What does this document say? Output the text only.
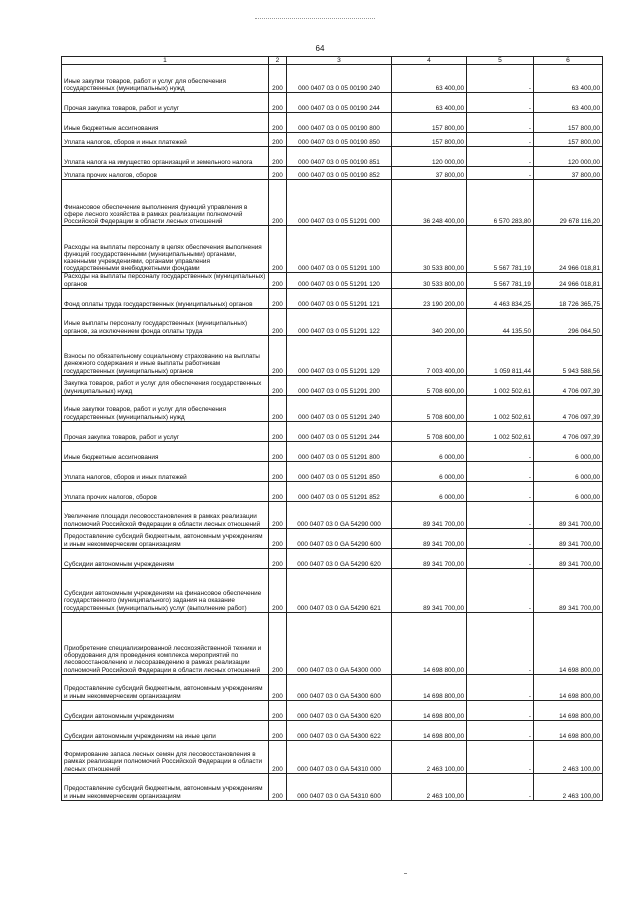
64
1	2	3	4	5	6
Иные закупки товаров, работ и услуг для обеспечения государственных (муниципальных) нужд	200	000 0407 03 0 05 00190 240	63 400,00	-	63 400,00
Прочая закупка товаров, работ и услуг	200	000 0407 03 0 05 00190 244	63 400,00	-	63 400,00
Иные бюджетные ассигнования	200	000 0407 03 0 05 00190 800	157 800,00	-	157 800,00
Уплата налогов, сборов и иных платежей	200	000 0407 03 0 05 00190 850	157 800,00	-	157 800,00
Уплата налога на имущество организаций и земельного налога	200	000 0407 03 0 05 00190 851	120 000,00	-	120 000,00
Уплата прочих налогов, сборов	200	000 0407 03 0 05 00190 852	37 800,00	-	37 800,00
Финансовое обеспечение выполнения функций управления в сфере лесного хозяйства в рамках реализации полномочий Российской Федерации в области лесных отношений	200	000 0407 03 0 05 51291 000	36 248 400,00	6 570 283,80	29 678 116,20
Расходы на выплаты персоналу в целях обеспечения выполнения функций государственными (муниципальными) органами, казенными учреждениями, органами управления государственными внебюджетными фондами	200	000 0407 03 0 05 51291 100	30 533 800,00	5 567 781,19	24 966 018,81
Расходы на выплаты персоналу государственных (муниципальных) органов	200	000 0407 03 0 05 51291 120	30 533 800,00	5 567 781,19	24 966 018,81
Фонд оплаты труда государственных (муниципальных) органов	200	000 0407 03 0 05 51291 121	23 190 200,00	4 463 834,25	18 726 365,75
Иные выплаты персоналу государственных (муниципальных) органов, за исключением фонда оплаты труда	200	000 0407 03 0 05 51291 122	340 200,00	44 135,50	296 064,50
Взносы по обязательному социальному страхованию на выплаты денежного содержания и иные выплаты работникам государственных (муниципальных) органов	200	000 0407 03 0 05 51291 129	7 003 400,00	1 059 811,44	5 943 588,56
Закупка товаров, работ и услуг для обеспечения государственных (муниципальных) нужд	200	000 0407 03 0 05 51291 200	5 708 600,00	1 002 502,61	4 706 097,39
Иные закупки товаров, работ и услуг для обеспечения государственных (муниципальных) нужд	200	000 0407 03 0 05 51291 240	5 708 600,00	1 002 502,61	4 706 097,39
Прочая закупка товаров, работ и услуг	200	000 0407 03 0 05 51291 244	5 708 600,00	1 002 502,61	4 706 097,39
Иные бюджетные ассигнования	200	000 0407 03 0 05 51291 800	6 000,00	-	6 000,00
Уплата налогов, сборов и иных платежей	200	000 0407 03 0 05 51291 850	6 000,00	-	6 000,00
Уплата прочих налогов, сборов	200	000 0407 03 0 05 51291 852	6 000,00	-	6 000,00
Увеличение площади лесовосстановления в рамках реализации полномочий Российской Федерации в области лесных отношений	200	000 0407 03 0 GA 54290 000	89 341 700,00	-	89 341 700,00
Предоставление субсидий бюджетным, автономным учреждениям и иным некоммерческим организациям	200	000 0407 03 0 GA 54290 600	89 341 700,00	-	89 341 700,00
Субсидии автономным учреждениям	200	000 0407 03 0 GA 54290 620	89 341 700,00	-	89 341 700,00
Субсидии автономным учреждениям на финансовое обеспечение государственного (муниципального) задания на оказание государственных (муниципальных) услуг (выполнение работ)	200	000 0407 03 0 GA 54290 621	89 341 700,00	-	89 341 700,00
Приобретение специализированной лесохозяйственной техники и оборудования для проведения комплекса мероприятий по лесовосстановлению и лесоразведению в рамках реализации полномочий Российской Федерации в области лесных отношений	200	000 0407 03 0 GA 54300 000	14 698 800,00	-	14 698 800,00
Предоставление субсидий бюджетным, автономным учреждениям и иным некоммерческим организациям	200	000 0407 03 0 GA 54300 600	14 698 800,00	-	14 698 800,00
Субсидии автономным учреждениям	200	000 0407 03 0 GA 54300 620	14 698 800,00	-	14 698 800,00
Субсидии автономным учреждениям на иные цели	200	000 0407 03 0 GA 54300 622	14 698 800,00	-	14 698 800,00
Формирование запаса лесных семян для лесовосстановления в рамках реализации полномочий Российской Федерации в области лесных отношений	200	000 0407 03 0 GA 54310 000	2 463 100,00	-	2 463 100,00
Предоставление субсидий бюджетным, автономным учреждениям и иным некоммерческим организациям	200	000 0407 03 0 GA 54310 600	2 463 100,00	-	2 463 100,00
